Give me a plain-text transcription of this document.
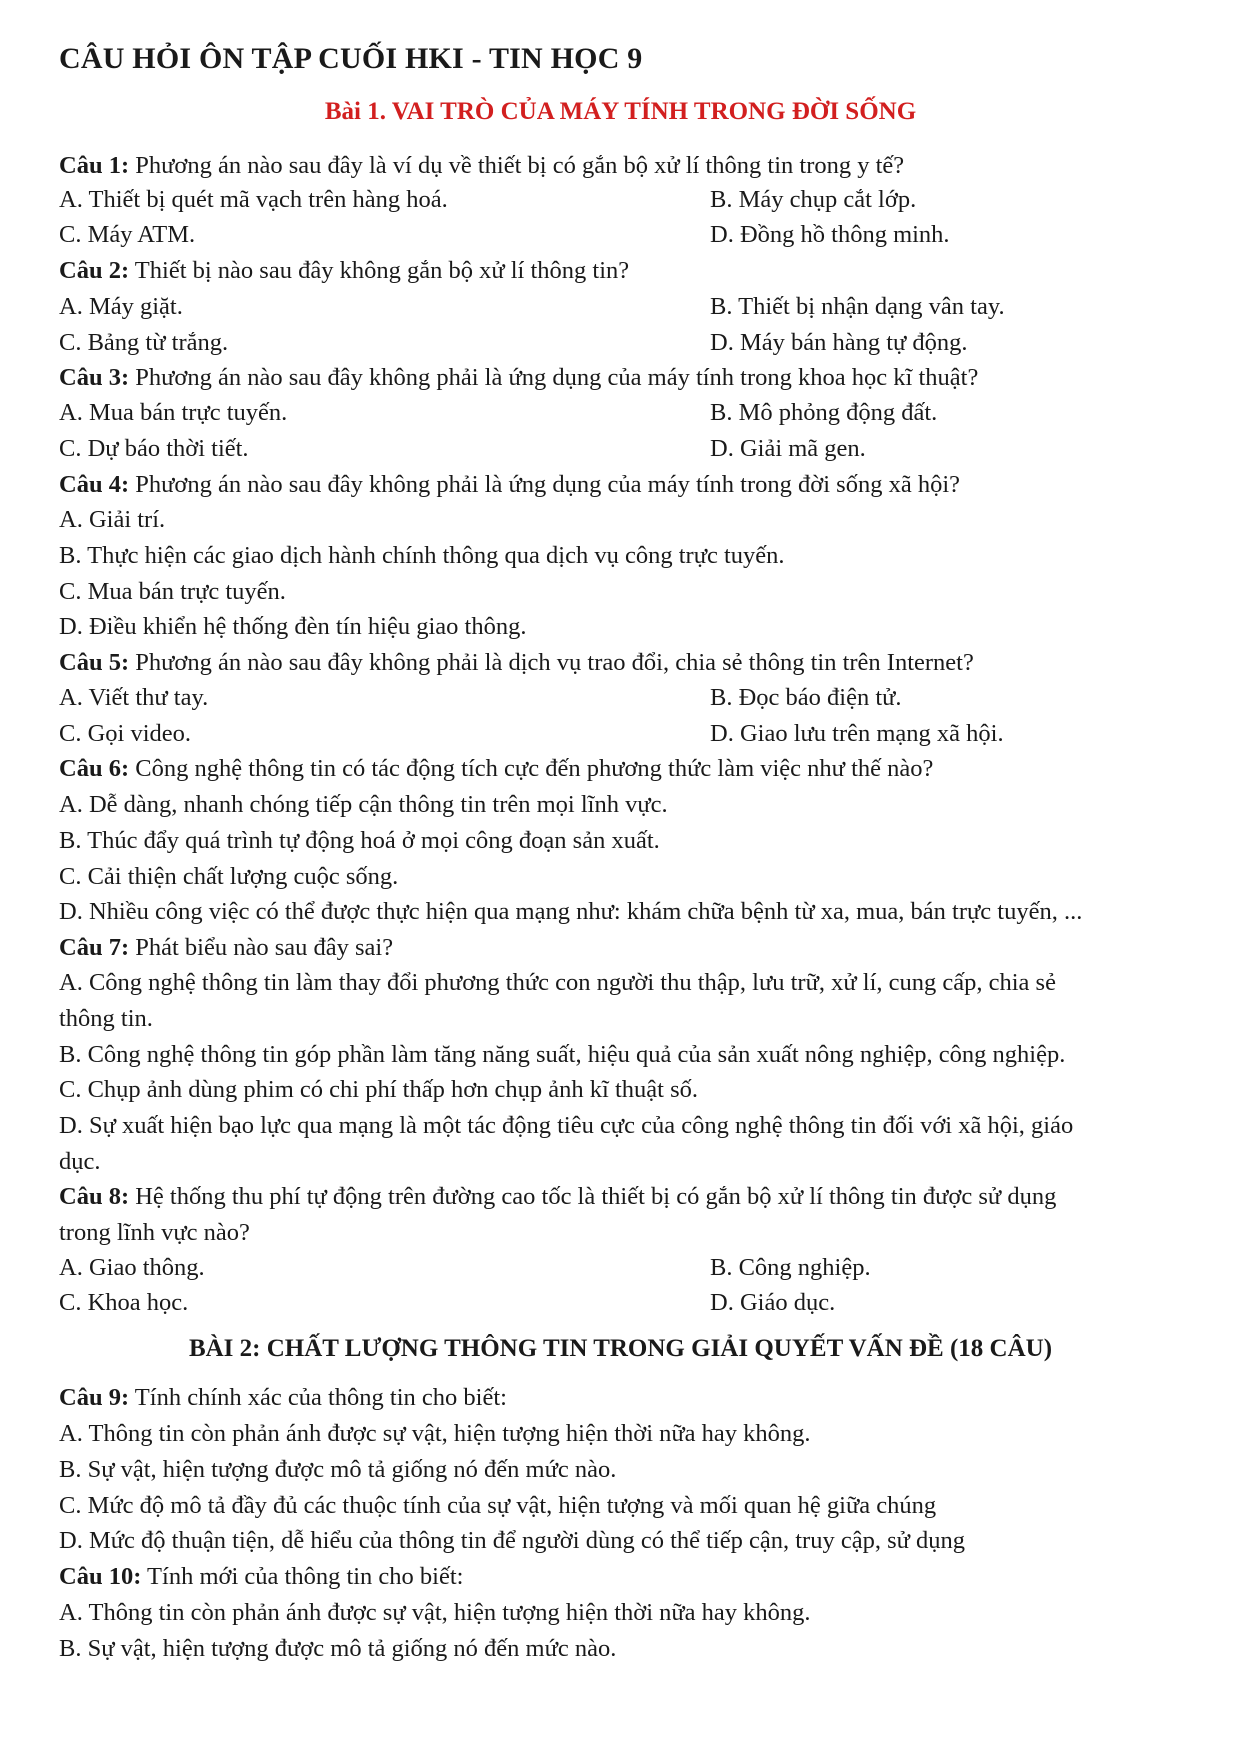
CÂU HỎI ÔN TẬP CUỐI HKI - TIN HỌC 9
Bài 1. VAI TRÒ CỦA MÁY TÍNH TRONG ĐỜI SỐNG
Câu 1: Phương án nào sau đây là ví dụ về thiết bị có gắn bộ xử lí thông tin trong y tế?
A. Thiết bị quét mã vạch trên hàng hoá.	B. Máy chụp cắt lớp.
C. Máy ATM.	D. Đồng hồ thông minh.
Câu 2: Thiết bị nào sau đây không gắn bộ xử lí thông tin?
A. Máy giặt.	B. Thiết bị nhận dạng vân tay.
C. Bảng từ trắng.	D. Máy bán hàng tự động.
Câu 3: Phương án nào sau đây không phải là ứng dụng của máy tính trong khoa học kĩ thuật?
A. Mua bán trực tuyến.	B. Mô phỏng động đất.
C. Dự báo thời tiết.	D. Giải mã gen.
Câu 4: Phương án nào sau đây không phải là ứng dụng của máy tính trong đời sống xã hội?
A. Giải trí.
B. Thực hiện các giao dịch hành chính thông qua dịch vụ công trực tuyến.
C. Mua bán trực tuyến.
D. Điều khiển hệ thống đèn tín hiệu giao thông.
Câu 5: Phương án nào sau đây không phải là dịch vụ trao đổi, chia sẻ thông tin trên Internet?
A. Viết thư tay.	B. Đọc báo điện tử.
C. Gọi video.	D. Giao lưu trên mạng xã hội.
Câu 6: Công nghệ thông tin có tác động tích cực đến phương thức làm việc như thế nào?
A. Dễ dàng, nhanh chóng tiếp cận thông tin trên mọi lĩnh vực.
B. Thúc đẩy quá trình tự động hoá ở mọi công đoạn sản xuất.
C. Cải thiện chất lượng cuộc sống.
D. Nhiều công việc có thể được thực hiện qua mạng như: khám chữa bệnh từ xa, mua, bán trực tuyến, ...
Câu 7: Phát biểu nào sau đây sai?
A. Công nghệ thông tin làm thay đổi phương thức con người thu thập, lưu trữ, xử lí, cung cấp, chia sẻ
thông tin.
B. Công nghệ thông tin góp phần làm tăng năng suất, hiệu quả của sản xuất nông nghiệp, công nghiệp.
C. Chụp ảnh dùng phim có chi phí thấp hơn chụp ảnh kĩ thuật số.
D. Sự xuất hiện bạo lực qua mạng là một tác động tiêu cực của công nghệ thông tin đối với xã hội, giáo
dục.
Câu 8: Hệ thống thu phí tự động trên đường cao tốc là thiết bị có gắn bộ xử lí thông tin được sử dụng
trong lĩnh vực nào?
A. Giao thông.	B. Công nghiệp.
C. Khoa học.	D. Giáo dục.
BÀI 2: CHẤT LƯỢNG THÔNG TIN TRONG GIẢI QUYẾT VẤN ĐỀ (18 CÂU)
Câu 9: Tính chính xác của thông tin cho biết:
A. Thông tin còn phản ánh được sự vật, hiện tượng hiện thời nữa hay không.
B. Sự vật, hiện tượng được mô tả giống nó đến mức nào.
C. Mức độ mô tả đầy đủ các thuộc tính của sự vật, hiện tượng và mối quan hệ giữa chúng
D. Mức độ thuận tiện, dễ hiểu của thông tin để người dùng có thể tiếp cận, truy cập, sử dụng
Câu 10: Tính mới của thông tin cho biết:
A. Thông tin còn phản ánh được sự vật, hiện tượng hiện thời nữa hay không.
B. Sự vật, hiện tượng được mô tả giống nó đến mức nào.
